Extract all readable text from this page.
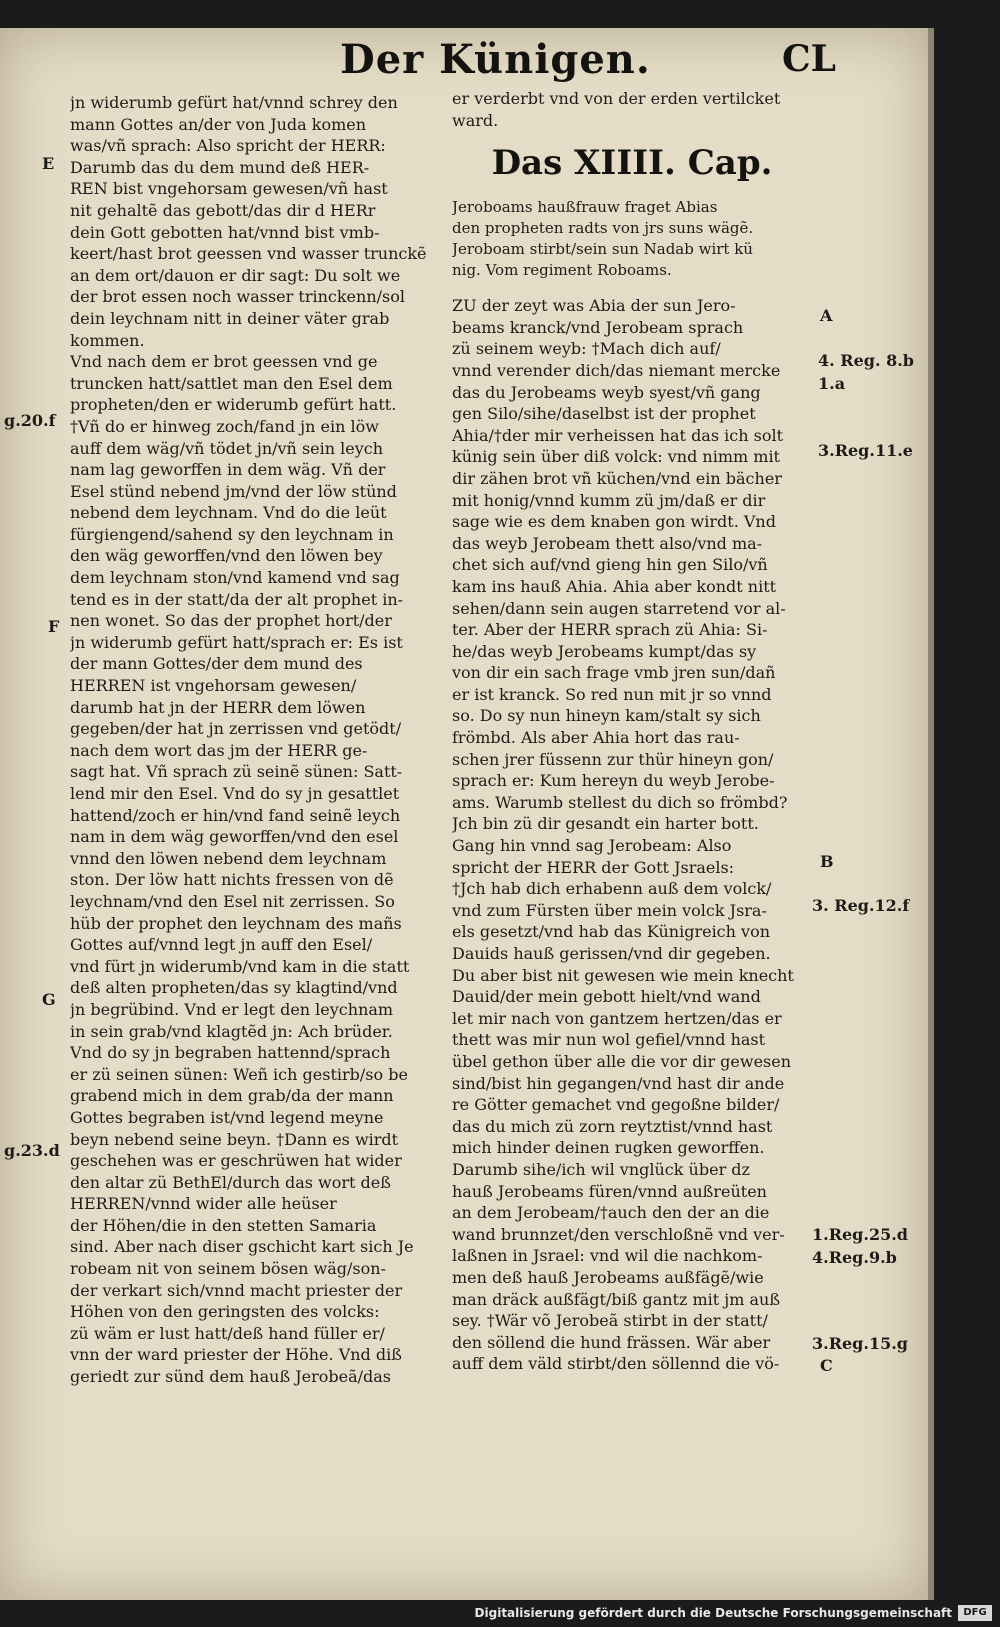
Der Künigen.	CL
E
g.20.f
F
G
g.23.d
jn widerumb gefürt hat/vnnd schrey den
mann Gottes an/der von Juda komen
was/vñ sprach: Also spricht der HERR:
Darumb das du dem mund deß HER-
REN bist vngehorsam gewesen/vñ hast
nit gehaltẽ das gebott/das dir d HERr
dein Gott gebotten hat/vnnd bist vmb-
keert/hast brot geessen vnd wasser trunckẽ
an dem ort/dauon er dir sagt: Du solt we
der brot essen noch wasser trinckenn/sol
dein leychnam nitt in deiner väter grab
kommen.
Vnd nach dem er brot geessen vnd ge
truncken hatt/sattlet man den Esel dem
propheten/den er widerumb gefürt hatt.
†Vñ do er hinweg zoch/fand jn ein löw
auff dem wäg/vñ tödet jn/vñ sein leych
nam lag geworffen in dem wäg. Vñ der
Esel stünd nebend jm/vnd der löw stünd
nebend dem leychnam. Vnd do die leüt
fürgiengend/sahend sy den leychnam in
den wäg geworffen/vnd den löwen bey
dem leychnam ston/vnd kamend vnd sag
tend es in der statt/da der alt prophet in-
nen wonet. So das der prophet hort/der
jn widerumb gefürt hatt/sprach er: Es ist
der mann Gottes/der dem mund des
HERREN ist vngehorsam gewesen/
darumb hat jn der HERR dem löwen
gegeben/der hat jn zerrissen vnd getödt/
nach dem wort das jm der HERR ge-
sagt hat. Vñ sprach zü seinẽ sünen: Satt-
lend mir den Esel. Vnd do sy jn gesattlet
hattend/zoch er hin/vnd fand seinẽ leych
nam in dem wäg geworffen/vnd den esel
vnnd den löwen nebend dem leychnam
ston. Der löw hatt nichts fressen von dẽ
leychnam/vnd den Esel nit zerrissen. So
hüb der prophet den leychnam des mañs
Gottes auf/vnnd legt jn auff den Esel/
vnd fürt jn widerumb/vnd kam in die statt
deß alten propheten/das sy klagtind/vnd
jn begrübind. Vnd er legt den leychnam
in sein grab/vnd klagtẽd jn: Ach brüder.
Vnd do sy jn begraben hattennd/sprach
er zü seinen sünen: Weñ ich gestirb/so be
grabend mich in dem grab/da der mann
Gottes begraben ist/vnd legend meyne
beyn nebend seine beyn. †Dann es wirdt
geschehen was er geschrüwen hat wider
den altar zü BethEl/durch das wort deß
HERREN/vnnd wider alle heüser
der Höhen/die in den stetten Samaria
sind. Aber nach diser gschicht kart sich Je
robeam nit von seinem bösen wäg/son-
der verkart sich/vnnd macht priester der
Höhen von den geringsten des volcks:
zü wäm er lust hatt/deß hand füller er/
vnn der ward priester der Höhe. Vnd diß
geriedt zur sünd dem hauß Jerobeã/das
er verderbt vnd von der erden vertilcket
ward.
Das XIIII. Cap.
Jeroboams haußfrauw fraget Abias
den propheten radts von jrs suns wägẽ.
Jeroboam stirbt/sein sun Nadab wirt kü
nig. Vom regiment Roboams.
ZU der zeyt was Abia der sun Jero-
beams kranck/vnd Jerobeam sprach
zü seinem weyb: †Mach dich auf/
vnnd verender dich/das niemant mercke
das du Jerobeams weyb syest/vñ gang
gen Silo/sihe/daselbst ist der prophet
Ahia/†der mir verheissen hat das ich solt
künig sein über diß volck: vnd nimm mit
dir zähen brot vñ küchen/vnd ein bächer
mit honig/vnnd kumm zü jm/daß er dir
sage wie es dem knaben gon wirdt. Vnd
das weyb Jerobeam thett also/vnd ma-
chet sich auf/vnd gieng hin gen Silo/vñ
kam ins hauß Ahia. Ahia aber kondt nitt
sehen/dann sein augen starretend vor al-
ter. Aber der HERR sprach zü Ahia: Si-
he/das weyb Jerobeams kumpt/das sy
von dir ein sach frage vmb jren sun/dañ
er ist kranck. So red nun mit jr so vnnd
so. Do sy nun hineyn kam/stalt sy sich
frömbd. Als aber Ahia hort das rau-
schen jrer füssenn zur thür hineyn gon/
sprach er: Kum hereyn du weyb Jerobe-
ams. Warumb stellest du dich so frömbd?
Jch bin zü dir gesandt ein harter bott.
Gang hin vnnd sag Jerobeam: Also
spricht der HERR der Gott Jsraels:
†Jch hab dich erhabenn auß dem volck/
vnd zum Fürsten über mein volck Jsra-
els gesetzt/vnd hab das Künigreich von
Dauids hauß gerissen/vnd dir gegeben.
Du aber bist nit gewesen wie mein knecht
Dauid/der mein gebott hielt/vnd wand
let mir nach von gantzem hertzen/das er
thett was mir nun wol gefiel/vnnd hast
übel gethon über alle die vor dir gewesen
sind/bist hin gegangen/vnd hast dir ande
re Götter gemachet vnd gegoßne bilder/
das du mich zü zorn reytztist/vnnd hast
mich hinder deinen rugken geworffen.
Darumb sihe/ich wil vnglück über dz
hauß Jerobeams füren/vnnd außreüten
an dem Jerobeam/†auch den der an die
wand brunnzet/den verschloßnẽ vnd ver-
laßnen in Jsrael: vnd wil die nachkom-
men deß hauß Jerobeams außfägẽ/wie
man dräck außfägt/biß gantz mit jm auß
sey. †Wär võ Jerobeã stirbt in der statt/
den söllend die hund frässen. Wär aber
auff dem väld stirbt/den söllennd die vö-
A
4. Reg. 8.b
1.a
3.Reg.11.e
B
3. Reg.12.f
1.Reg.25.d
4.Reg.9.b
3.Reg.15.g
C
Digitalisierung gefördert durch die Deutsche Forschungsgemeinschaft	DFG
